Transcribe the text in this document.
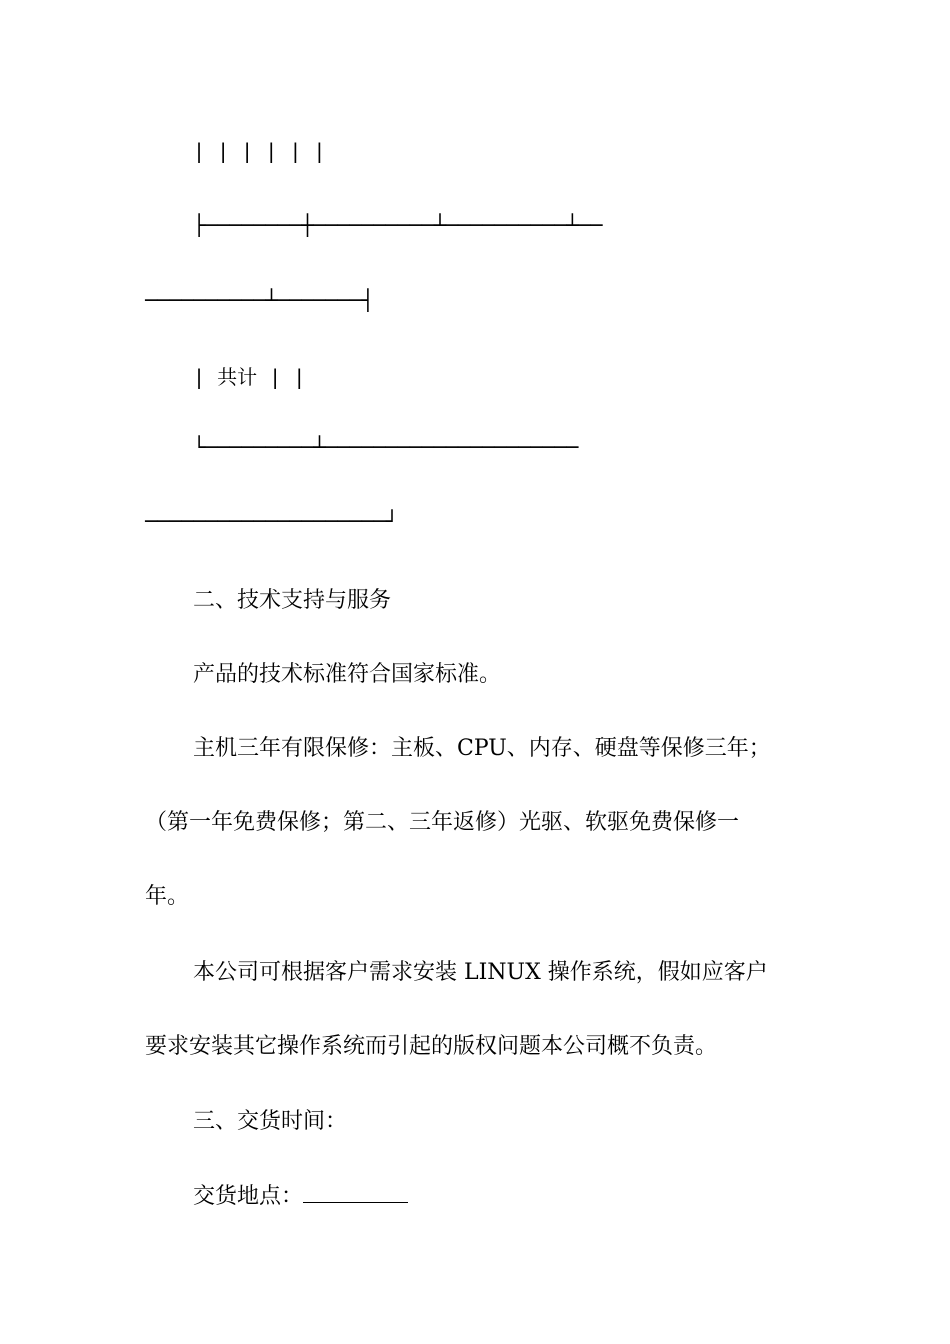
| | | | | |
├────────┼──────────┴──────────┴──
──────────┴───────┤
| 共计 | |
└─────────┴─────────────────────
────────────────────┘
二、技术支持与服务
产品的技术标准符合国家标准。
主机三年有限保修：主板、CPU、内存、硬盘等保修三年；
（第一年免费保修；第二、三年返修）光驱、软驱免费保修一
年。
本公司可根据客户需求安装 LINUX 操作系统，假如应客户
要求安装其它操作系统而引起的版权问题本公司概不负责。
三、交货时间：
交货地点：
